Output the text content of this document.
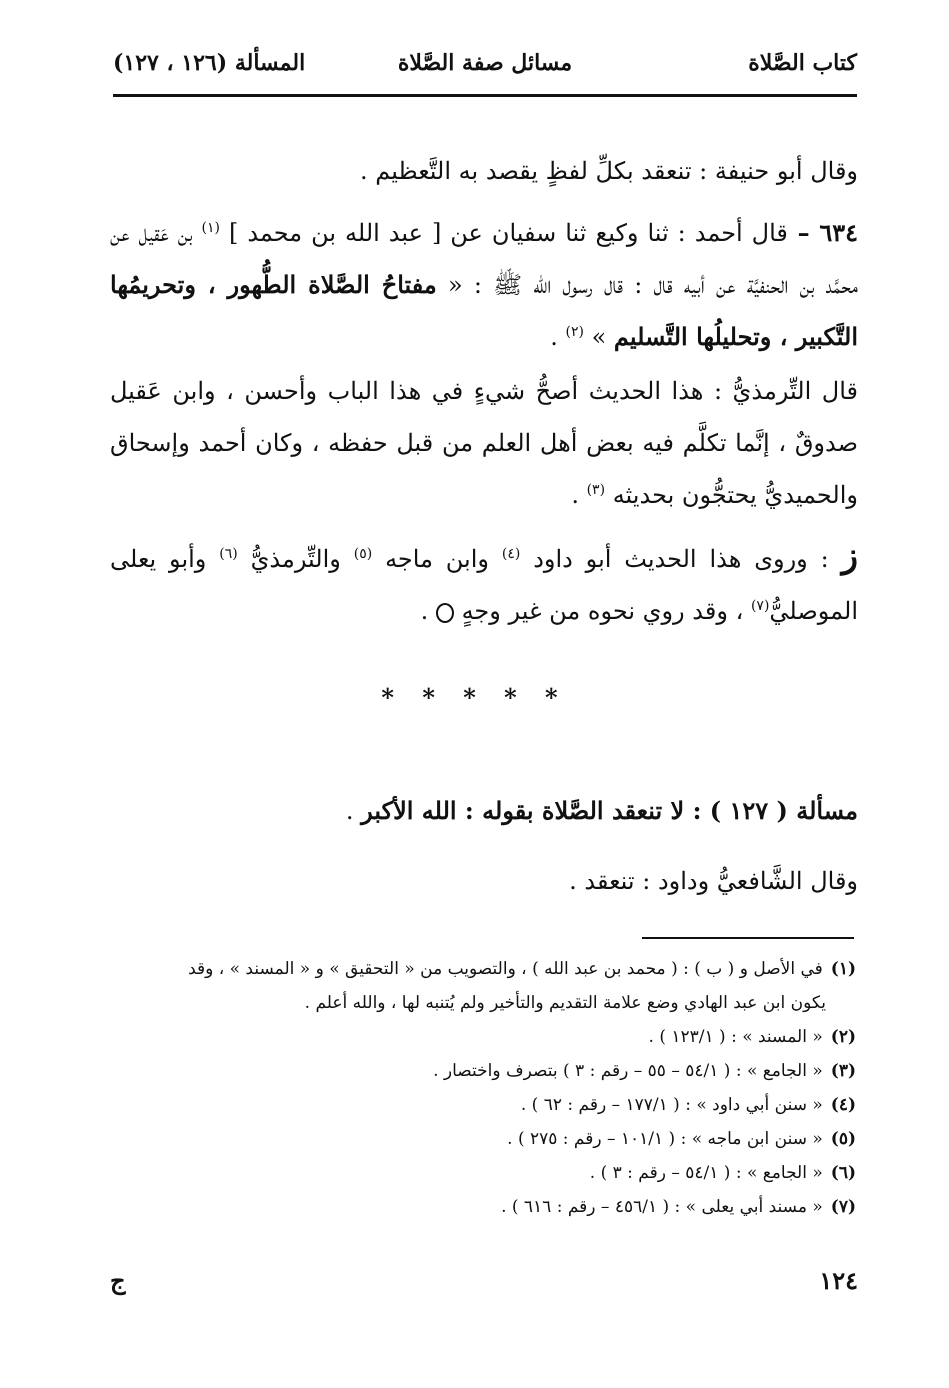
كتاب الصَّلاة
مسائل صفة الصَّلاة
المسألة (١٢٦ ، ١٢٧)
وقال أبو حنيفة : تنعقد بكلِّ لفظٍ يقصد به التَّعظيم .
٦٣٤ – قال أحمد : ثنا وكيع ثنا سفيان عن [ عبد الله بن محمد ] $^{(١)}$ بن عَقيل عن محمَّد بن الحنفيَّة عن أبيه قال : قال رسول الله ﷺ : « مفتاحُ الصَّلاة الطُّهور ، وتحريمُها التَّكبير ، وتحليلُها التَّسليم » $^{(٢)}$ .
قال التِّرمذيُّ : هذا الحديث أصحُّ شيءٍ في هذا الباب وأحسن ، وابن عَقيل صدوقٌ ، إنَّما تكلَّم فيه بعض أهل العلم من قبل حفظه ، وكان أحمد وإسحاق والحميديُّ يحتجُّون بحديثه $^{(٣)}$ .
ز : وروى هذا الحديث أبو داود $^{(٤)}$ وابن ماجه $^{(٥)}$ والتِّرمذيُّ $^{(٦)}$ وأبو يعلى الموصليُّ$^{(٧)}$ ، وقد روي نحوه من غير وجهٍ  .
* * * * *
مسألة ( ١٢٧ ) : لا تنعقد الصَّلاة بقوله : الله الأكبر .
وقال الشَّافعيُّ وداود : تنعقد .

(١)في الأصل و ( ب ) : ( محمد بن عبد الله ) ، والتصويب من « التحقيق » و « المسند » ، وقد
يكون ابن عبد الهادي وضع علامة التقديم والتأخير ولم يُتنبه لها ، والله أعلم .

(٢)« المسند » : ( ١٢٣/١ ) .

(٣)« الجامع » : ( ٥٤/١ – ٥٥ – رقم : ٣ ) بتصرف واختصار .

(٤)« سنن أبي داود » : ( ١٧٧/١ – رقم : ٦٢ ) .

(٥)« سنن ابن ماجه » : ( ١٠١/١ – رقم : ٢٧٥ ) .

(٦)« الجامع » : ( ٥٤/١ – رقم : ٣ ) .

(٧)« مسند أبي يعلى » : ( ٤٥٦/١ – رقم : ٦١٦ ) .

١٢٤
ج
